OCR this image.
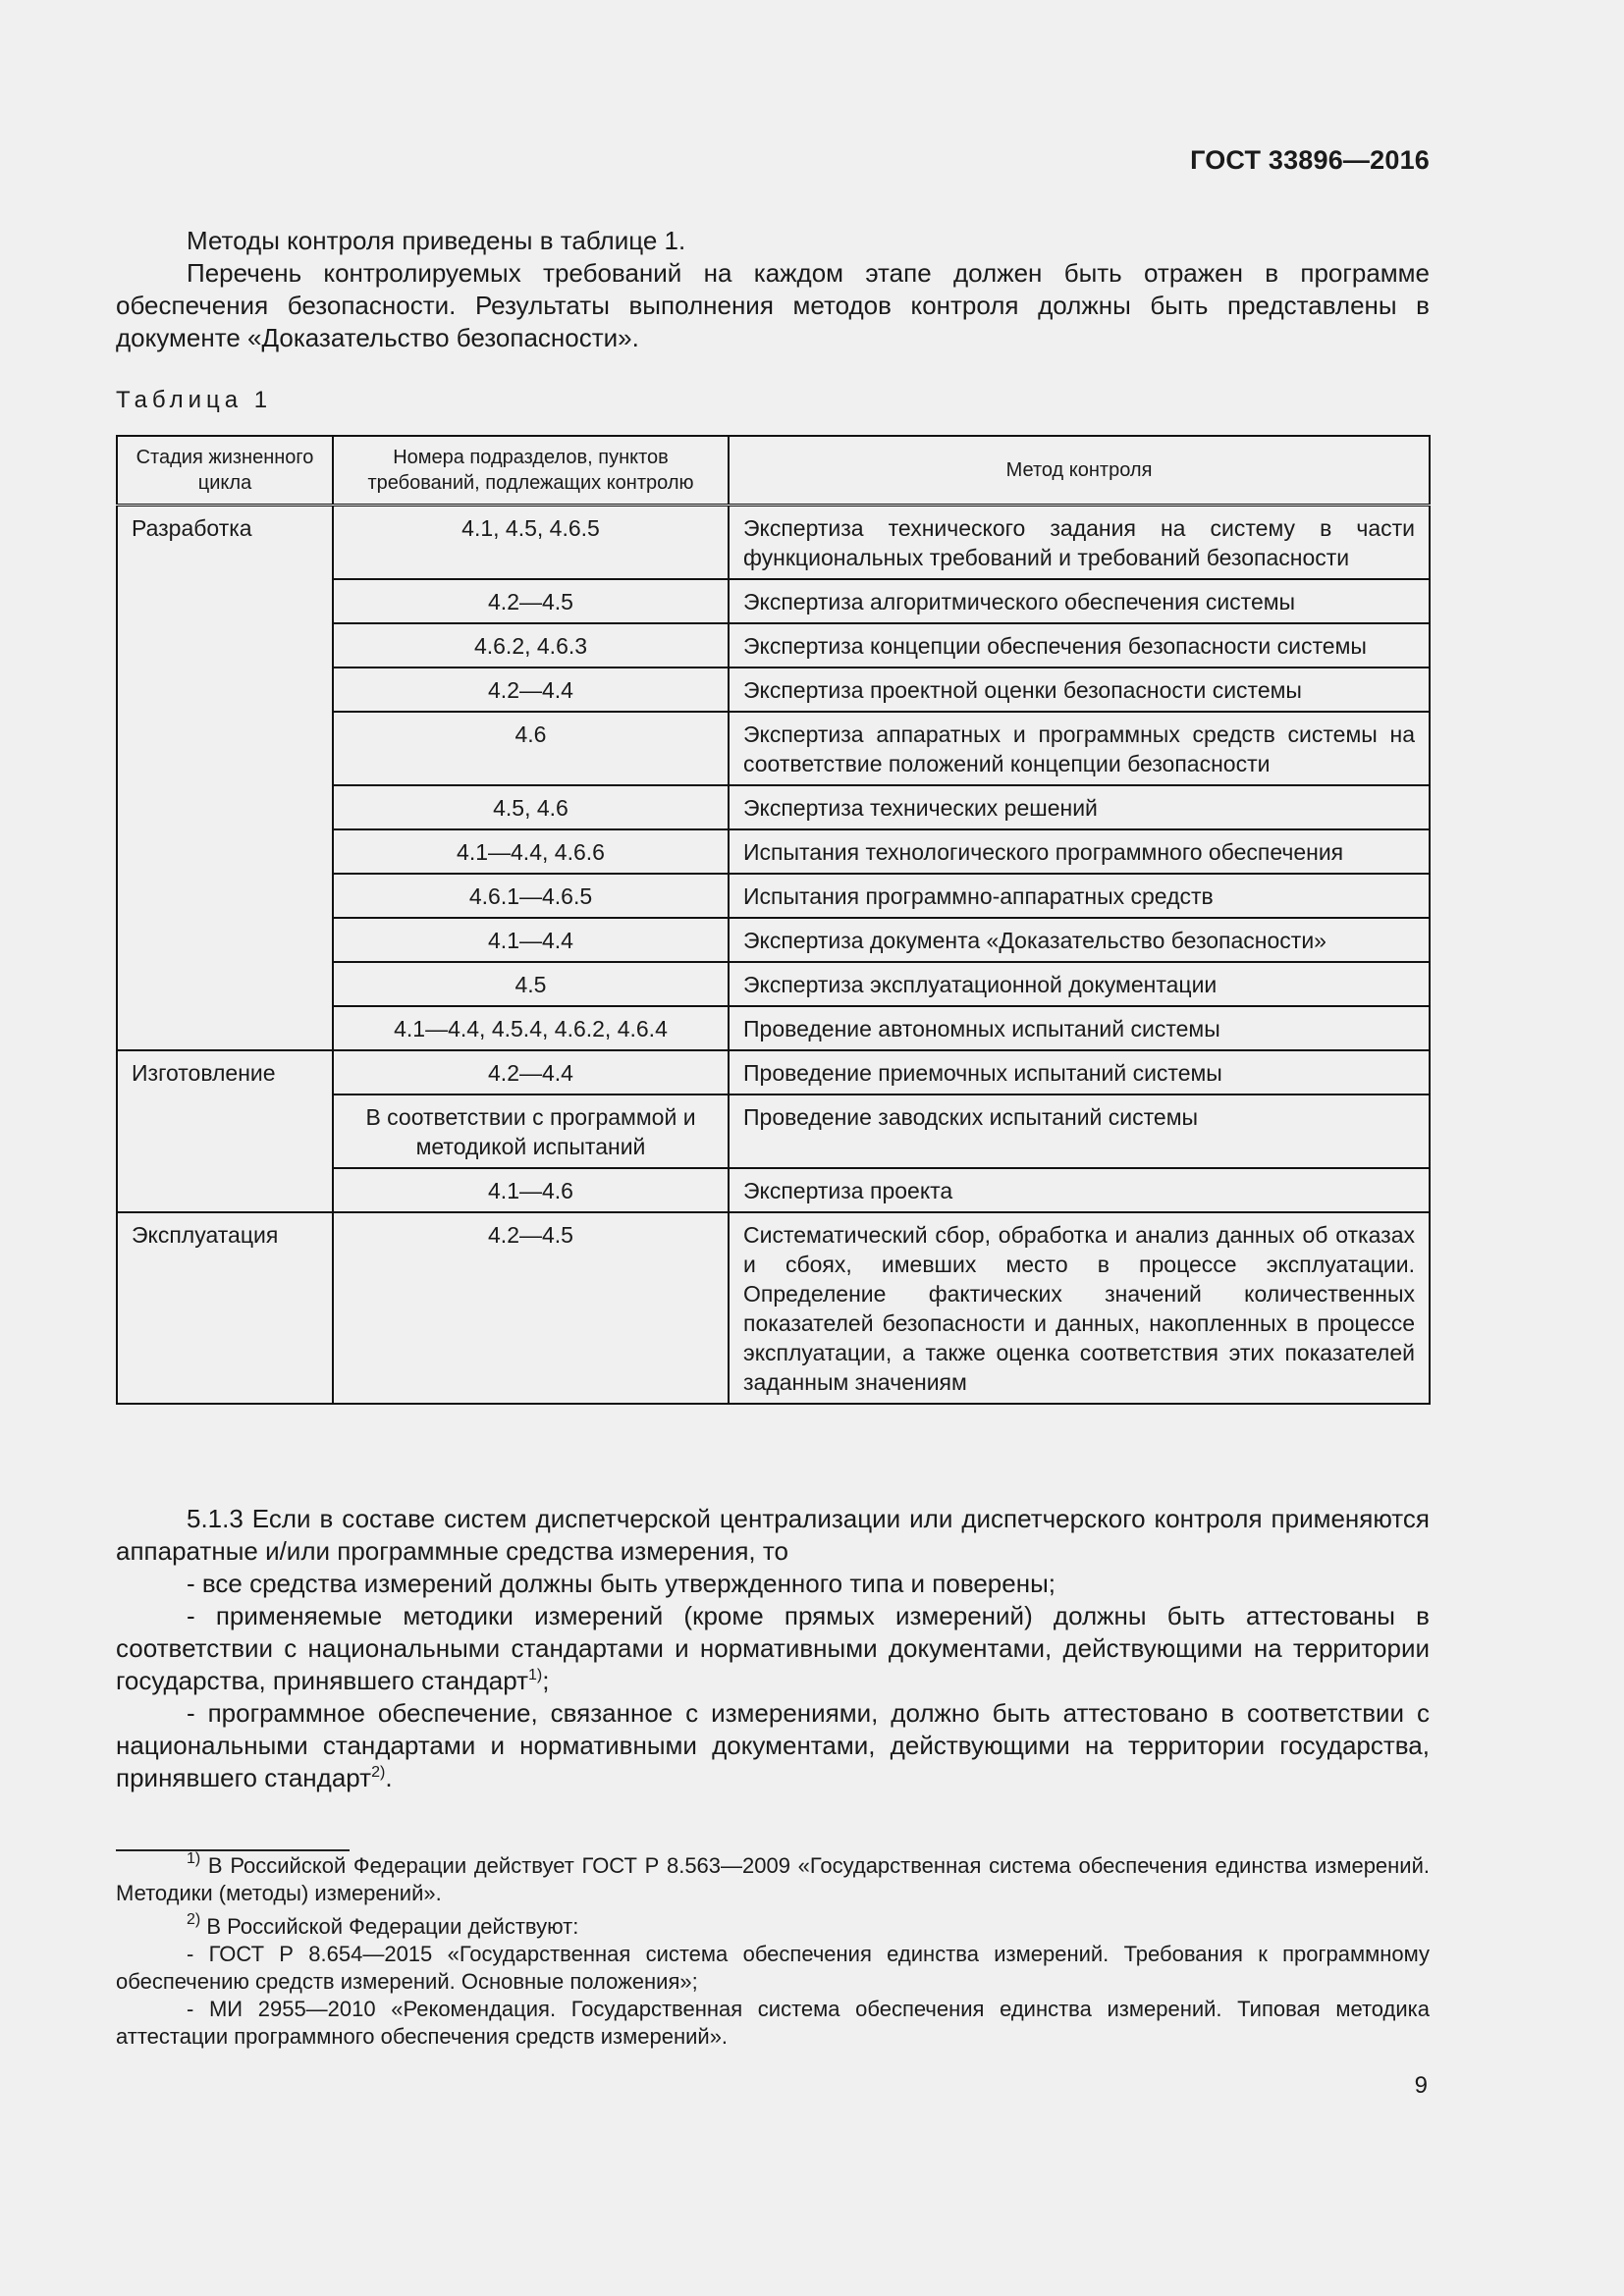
ГОСТ 33896—2016

Методы контроля приведены в таблице 1.

Перечень контролируемых требований на каждом этапе должен быть отражен в программе обеспечения безопасности. Результаты выполнения методов контроля должны быть представлены в документе «Доказательство безопасности».

Таблица 1
Стадия жизненного цикла	Номера подразделов, пунктов требований, подлежащих контролю	Метод контроля
Разработка	4.1, 4.5, 4.6.5	Экспертиза технического задания на систему в части функциональных требований и требований безопасности
	4.2—4.5	Экспертиза алгоритмического обеспечения системы
	4.6.2, 4.6.3	Экспертиза концепции обеспечения безопасности системы
	4.2—4.4	Экспертиза проектной оценки безопасности системы
	4.6	Экспертиза аппаратных и программных средств системы на соответствие положений концепции безопасности
	4.5, 4.6	Экспертиза технических решений
	4.1—4.4, 4.6.6	Испытания технологического программного обеспечения
	4.6.1—4.6.5	Испытания программно-аппаратных средств
	4.1—4.4	Экспертиза документа «Доказательство безопасности»
	4.5	Экспертиза эксплуатационной документации
	4.1—4.4, 4.5.4, 4.6.2, 4.6.4	Проведение автономных испытаний системы
Изготовление	4.2—4.4	Проведение приемочных испытаний системы
	В соответствии с программой и методикой испытаний	Проведение заводских испытаний системы
	4.1—4.6	Экспертиза проекта
Эксплуатация	4.2—4.5	Систематический сбор, обработка и анализ данных об отказах и сбоях, имевших место в процессе эксплуатации. Определение фактических значений количественных показателей безопасности и данных, накопленных в процессе эксплуатации, а также оценка соответствия этих показателей заданным значениям

5.1.3 Если в составе систем диспетчерской централизации или диспетчерского контроля применяются аппаратные и/или программные средства измерения, то

- все средства измерений должны быть утвержденного типа и поверены;

- применяемые методики измерений (кроме прямых измерений) должны быть аттестованы в соответствии с национальными стандартами и нормативными документами, действующими на территории государства, принявшего стандарт$^{1)}$;

- программное обеспечение, связанное с измерениями, должно быть аттестовано в соответствии с национальными стандартами и нормативными документами, действующими на территории государства, принявшего стандарт$^{2)}$.

$^{1)}$ В Российской Федерации действует ГОСТ Р 8.563—2009 «Государственная система обеспечения единства измерений. Методики (методы) измерений».

$^{2)}$ В Российской Федерации действуют:

- ГОСТ Р 8.654—2015 «Государственная система обеспечения единства измерений. Требования к программному обеспечению средств измерений. Основные положения»;

- МИ 2955—2010 «Рекомендация. Государственная система обеспечения единства измерений. Типовая методика аттестации программного обеспечения средств измерений».

9
